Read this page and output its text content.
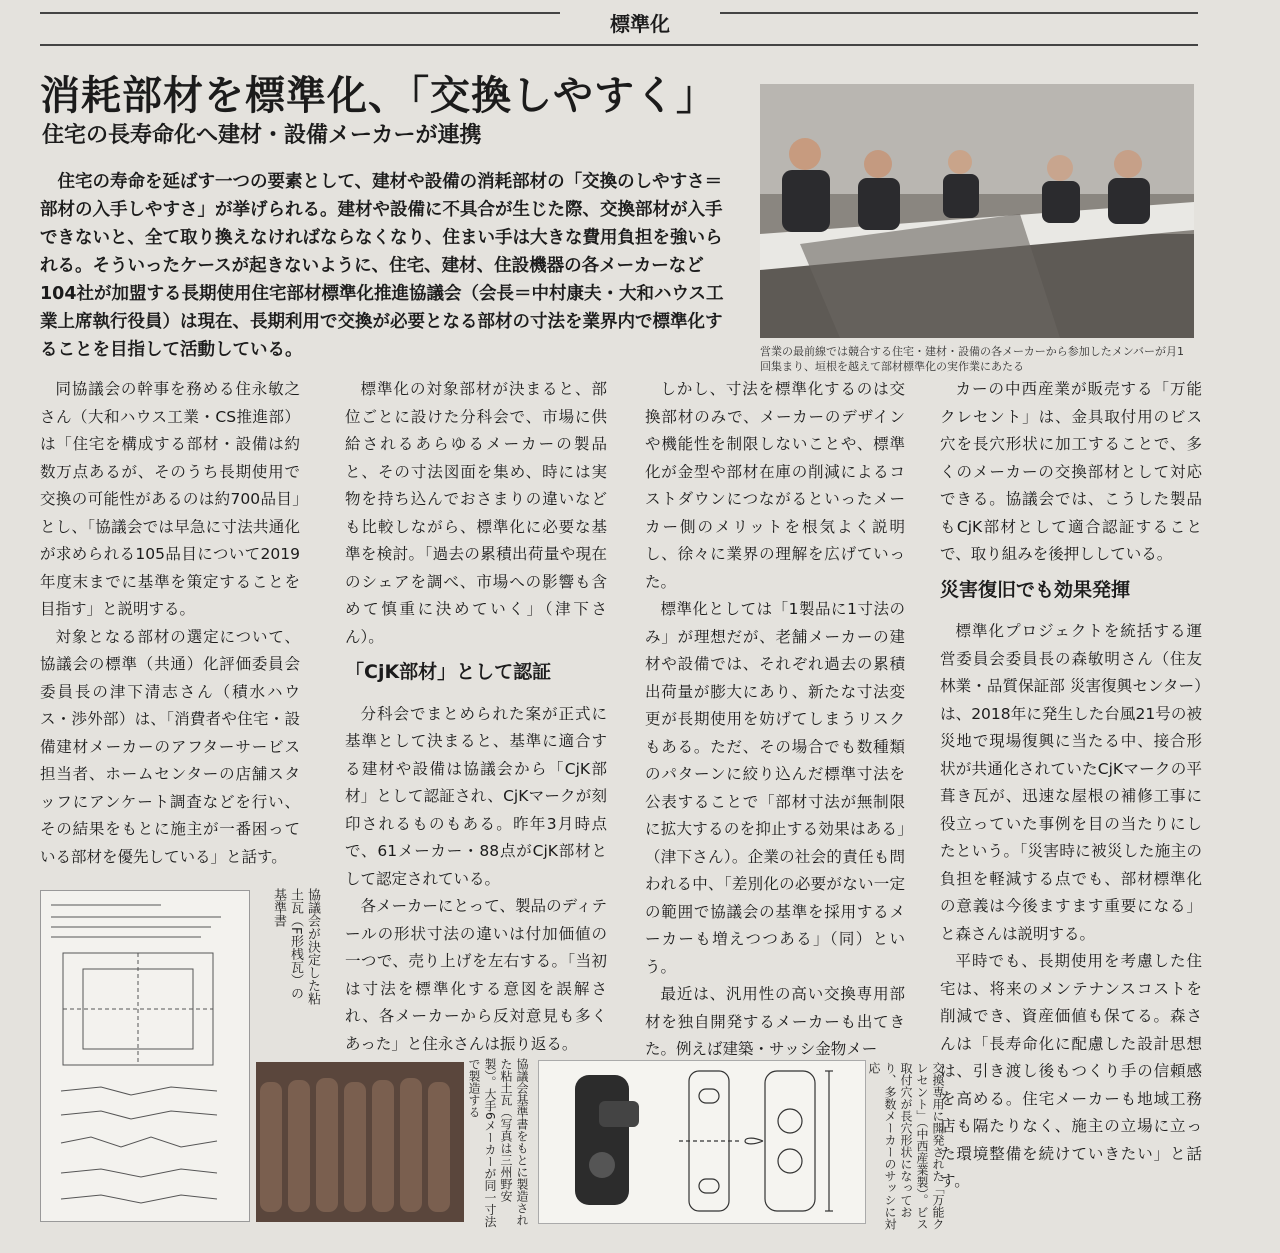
標準化
消耗部材を標準化、「交換しやすく」
住宅の長寿命化へ建材・設備メーカーが連携
住宅の寿命を延ばす一つの要素として、建材や設備の消耗部材の「交換のしやすさ＝部材の入手しやすさ」が挙げられる。建材や設備に不具合が生じた際、交換部材が入手できないと、全て取り換えなければならなくなり、住まい手は大きな費用負担を強いられる。そういったケースが起きないように、住宅、建材、住設機器の各メーカーなど104社が加盟する長期使用住宅部材標準化推進協議会（会長＝中村康夫・大和ハウス工業上席執行役員）は現在、長期利用で交換が必要となる部材の寸法を業界内で標準化することを目指して活動している。	営業の最前線では競合する住宅・建材・設備の各メーカーから参加したメンバーが月1回集まり、垣根を越えて部材標準化の実作業にあたる

同協議会の幹事を務める住永敏之さん（大和ハウス工業・CS推進部）は「住宅を構成する部材・設備は約数万点あるが、そのうち長期使用で交換の可能性があるのは約700品目」とし、「協議会では早急に寸法共通化が求められる105品目について2019年度末までに基準を策定することを目指す」と説明する。

対象となる部材の選定について、協議会の標準（共通）化評価委員会委員長の津下清志さん（積水ハウス・渉外部）は、「消費者や住宅・設備建材メーカーのアフターサービス担当者、ホームセンターの店舗スタッフにアンケート調査などを行い、その結果をもとに施主が一番困っている部材を優先している」と話す。

標準化の対象部材が決まると、部位ごとに設けた分科会で、市場に供給されるあらゆるメーカーの製品と、その寸法図面を集め、時には実物を持ち込んでおさまりの違いなども比較しながら、標準化に必要な基準を検討。「過去の累積出荷量や現在のシェアを調べ、市場への影響も含めて慎重に決めていく」（津下さん）。

「CjK部材」として認証

分科会でまとめられた案が正式に基準として決まると、基準に適合する建材や設備は協議会から「CjK部材」として認証され、CjKマークが刻印されるものもある。昨年3月時点で、61メーカー・88点がCjK部材として認定されている。

各メーカーにとって、製品のディテールの形状寸法の違いは付加価値の一つで、売り上げを左右する。「当初は寸法を標準化する意図を誤解され、各メーカーから反対意見も多くあった」と住永さんは振り返る。

しかし、寸法を標準化するのは交換部材のみで、メーカーのデザインや機能性を制限しないことや、標準化が金型や部材在庫の削減によるコストダウンにつながるといったメーカー側のメリットを根気よく説明し、徐々に業界の理解を広げていった。

標準化としては「1製品に1寸法のみ」が理想だが、老舗メーカーの建材や設備では、それぞれ過去の累積出荷量が膨大にあり、新たな寸法変更が長期使用を妨げてしまうリスクもある。ただ、その場合でも数種類のパターンに絞り込んだ標準寸法を公表することで「部材寸法が無制限に拡大するのを抑止する効果はある」（津下さん）。企業の社会的責任も問われる中、「差別化の必要がない一定の範囲で協議会の基準を採用するメーカーも増えつつある」（同）という。

最近は、汎用性の高い交換専用部材を独自開発するメーカーも出てきた。例えば建築・サッシ金物メー

カーの中西産業が販売する「万能クレセント」は、金具取付用のビス穴を長穴形状に加工することで、多くのメーカーの交換部材として対応できる。協議会では、こうした製品もCjK部材として適合認証することで、取り組みを後押ししている。

災害復旧でも効果発揮

標準化プロジェクトを統括する運営委員会委員長の森敏明さん（住友林業・品質保証部 災害復興センター）は、2018年に発生した台風21号の被災地で現場復興に当たる中、接合形状が共通化されていたCjKマークの平葺き瓦が、迅速な屋根の補修工事に役立っていた事例を目の当たりにしたという。「災害時に被災した施主の負担を軽減する点でも、部材標準化の意義は今後ますます重要になる」と森さんは説明する。

平時でも、長期使用を考慮した住宅は、将来のメンテナンスコストを削減でき、資産価値も保てる。森さんは「長寿命化に配慮した設計思想は、引き渡し後もつくり手の信頼感を高める。住宅メーカーも地域工務店も隔たりなく、施主の立場に立った環境整備を続けていきたい」と話す。

協議会が決定した粘土瓦（F形桟瓦）の基準書
協議会基準書をもとに製造された粘土瓦（写真は三州野安製）。大手6メーカーが同一寸法で製造する	交換専用に開発された「万能クレセント」（中西産業製）。ビス取付穴が長穴形状になっており、多数メーカーのサッシに対応
